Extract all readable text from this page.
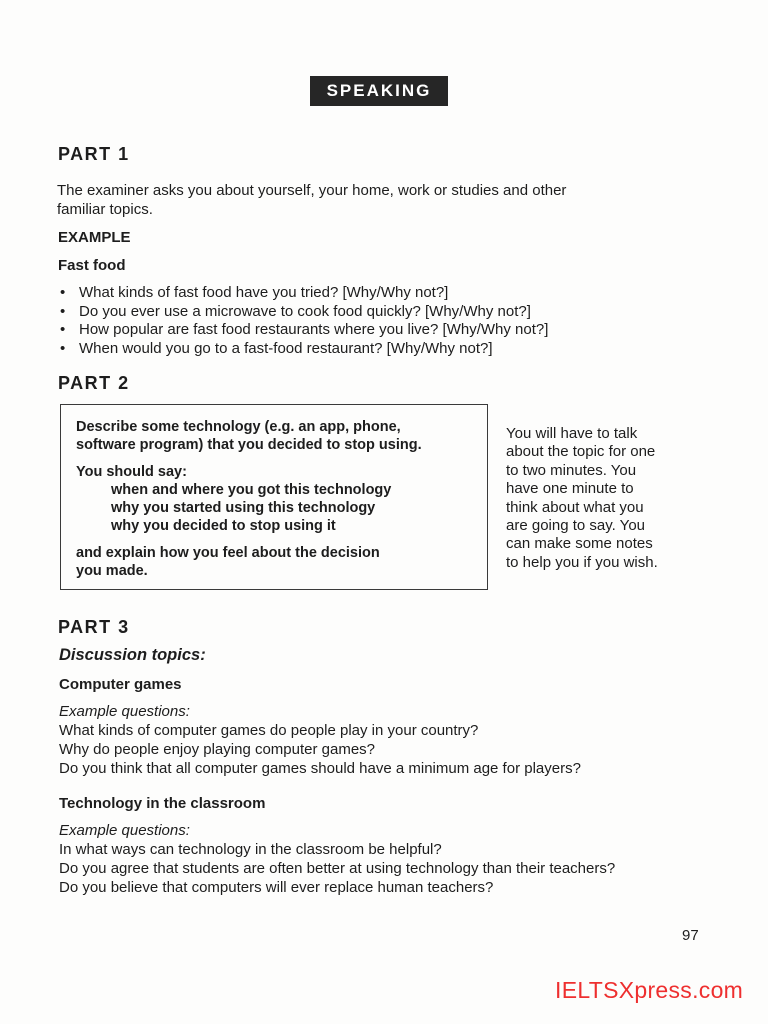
SPEAKING
PART 1
The examiner asks you about yourself, your home, work or studies and other
familiar topics.
EXAMPLE
Fast food
• What kinds of fast food have you tried? [Why/Why not?]
• Do you ever use a microwave to cook food quickly? [Why/Why not?]
• How popular are fast food restaurants where you live? [Why/Why not?]
• When would you go to a fast-food restaurant? [Why/Why not?]
PART 2
Describe some technology (e.g. an app, phone,
software program) that you decided to stop using.
You should say:
when and where you got this technology
why you started using this technology
why you decided to stop using it
and explain how you feel about the decision
you made.
You will have to talk
about the topic for one
to two minutes. You
have one minute to
think about what you
are going to say. You
can make some notes
to help you if you wish.
PART 3
Discussion topics:
Computer games
Example questions:
What kinds of computer games do people play in your country?
Why do people enjoy playing computer games?
Do you think that all computer games should have a minimum age for players?
Technology in the classroom
Example questions:
In what ways can technology in the classroom be helpful?
Do you agree that students are often better at using technology than their teachers?
Do you believe that computers will ever replace human teachers?
97
IELTSXpress.com
